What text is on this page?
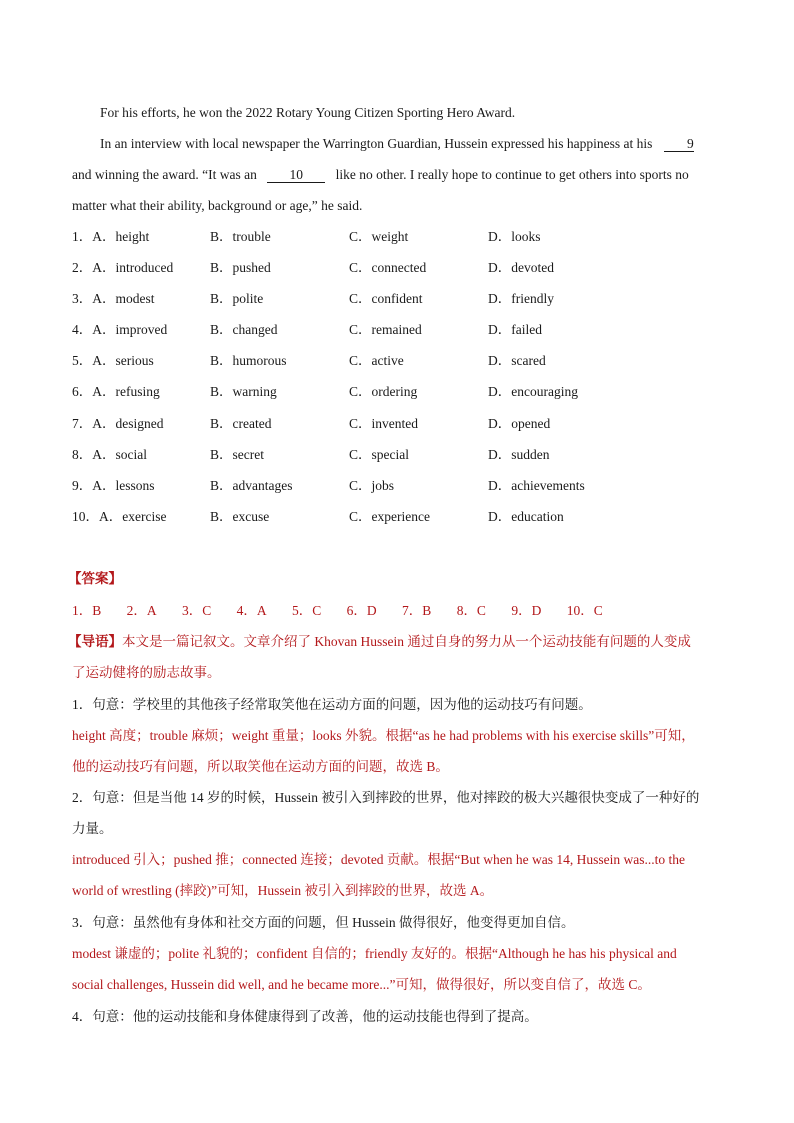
For his efforts, he won the 2022 Rotary Young Citizen Sporting Hero Award.
In an interview with local newspaper the Warrington Guardian, Hussein expressed his happiness at his	9
and winning the award. “It was an 10 like no other. I really hope to continue to get others into sports no
matter what their ability, background or age,” he said.
1．A．height	B．trouble	C．weight	D．looks
2．A．introduced	B．pushed	C．connected	D．devoted
3．A．modest	B．polite	C．confident	D．friendly
4．A．improved	B．changed	C．remained	D．failed
5．A．serious	B．humorous	C．active	D．scared
6．A．refusing	B．warning	C．ordering	D．encouraging
7．A．designed	B．created	C．invented	D．opened
8．A．social	B．secret	C．special	D．sudden
9．A．lessons	B．advantages	C．jobs	D．achievements
10．A．exercise	B．excuse	C．experience	D．education
【答案】
1．B 2．A 3．C 4．A 5．C 6．D 7．B 8．C 9．D 10．C
【导语】本文是一篇记叙文。文章介绍了 Khovan Hussein 通过自身的努力从一个运动技能有问题的人变成
了运动健将的励志故事。
1．句意：学校里的其他孩子经常取笑他在运动方面的问题，因为他的运动技巧有问题。
height 高度；trouble 麻烦；weight 重量；looks 外貌。根据“as he had problems with his exercise skills”可知，
他的运动技巧有问题，所以取笑他在运动方面的问题，故选 B。
2．句意：但是当他 14 岁的时候，Hussein 被引入到摔跤的世界，他对摔跤的极大兴趣很快变成了一种好的
力量。
introduced 引入；pushed 推；connected 连接；devoted 贡献。根据“But when he was 14, Hussein was...to the
world of wrestling (摔跤)”可知，Hussein 被引入到摔跤的世界，故选 A。
3．句意：虽然他有身体和社交方面的问题，但 Hussein 做得很好，他变得更加自信。
modest 谦虚的；polite 礼貌的；confident 自信的；friendly 友好的。根据“Although he has his physical and
social challenges, Hussein did well, and he became more...”可知，做得很好，所以变自信了，故选 C。
4．句意：他的运动技能和身体健康得到了改善，他的运动技能也得到了提高。
